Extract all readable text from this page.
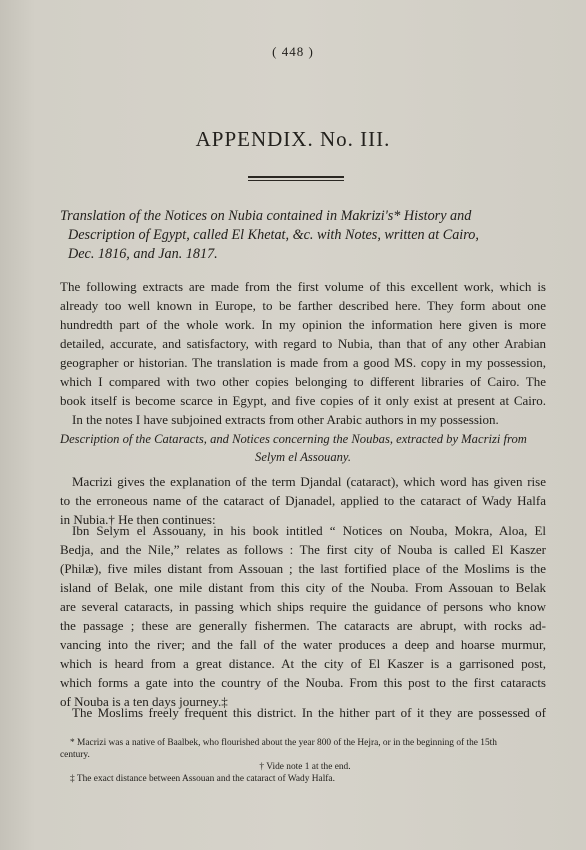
( 448 )
APPENDIX. No. III.
Translation of the Notices on Nubia contained in Makrizi's* History and
Description of Egypt, called El Khetat, &c. with Notes, written at Cairo,
Dec. 1816, and Jan. 1817.
The following extracts are made from the first volume of this excellent work, which is
already too well known in Europe, to be farther described here. They form about one
hundredth part of the whole work. In my opinion the information here given is more
detailed, accurate, and satisfactory, with regard to Nubia, than that of any other Arabian
geographer or historian. The translation is made from a good MS. copy in my possession,
which I compared with two other copies belonging to different libraries of Cairo. The
book itself is become scarce in Egypt, and five copies of it only exist at present at Cairo.
In the notes I have subjoined extracts from other Arabic authors in my possession.
Description of the Cataracts, and Notices concerning the Noubas, extracted by Macrizi from
Selym el Assouany.
Macrizi gives the explanation of the term Djandal (cataract), which word has given rise
to the erroneous name of the cataract of Djanadel, applied to the cataract of Wady Halfa
in Nubia.† He then continues:
Ibn Selym el Assouany, in his book intitled “ Notices on Nouba, Mokra, Aloa, El
Bedja, and the Nile,” relates as follows : The first city of Nouba is called El Kaszer
(Philæ), five miles distant from Assouan ; the last fortified place of the Moslims is the
island of Belak, one mile distant from this city of the Nouba. From Assouan to Belak
are several cataracts, in passing which ships require the guidance of persons who know
the passage ; these are generally fishermen. The cataracts are abrupt, with rocks ad-
vancing into the river; and the fall of the water produces a deep and hoarse murmur,
which is heard from a great distance. At the city of El Kaszer is a garrisoned post,
which forms a gate into the country of the Nouba. From this post to the first cataracts
of Nouba is a ten days journey.‡
The Moslims freely frequent this district. In the hither part of it they are possessed of
* Macrizi was a native of Baalbek, who flourished about the year 800 of the Hejra, or in the beginning of the 15th
century.
† Vide note 1 at the end.
‡ The exact distance between Assouan and the cataract of Wady Halfa.
